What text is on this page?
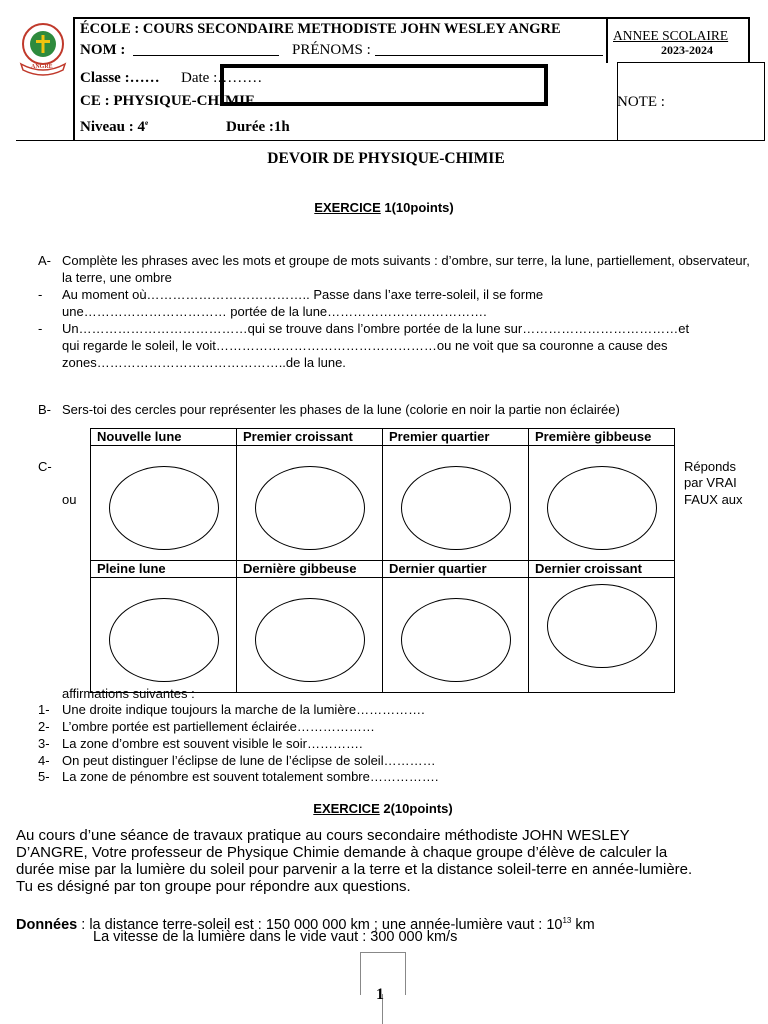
ANGRE
ÉCOLE : COURS SECONDAIRE METHODISTE JOHN WESLEY ANGRE
NOM :	PRÉNOMS :
ANNEE SCOLAIRE
2023-2024
Classe :…… Date :………
CE : PHYSIQUE-CHIMIE	NOTE :
Niveau : 4e	Durée :1h
DEVOIR DE PHYSIQUE-CHIMIE
EXERCICE 1(10points)
A- Complète les phrases avec les mots et groupe de mots suivants : d’ombre, sur terre, la lune, partiellement, observateur, la terre, une ombre
- Au moment où……………………………….. Passe dans l’axe terre-soleil, il se forme
une…………………………… portée de la lune……………………………….
- Un…………………………………qui se trouve dans l’ombre portée de la lune sur………………………………et
qui regarde le soleil, le voit……………………………………………ou ne voit que sa couronne a cause des
zones……………………………………..de la lune.
B- Sers-toi des cercles pour représenter les phases de la lune (colorie en noir la partie non éclairée)
Nouvelle lune	Premier croissant	Premier quartier	Première gibbeuse

Pleine lune	Dernière gibbeuse	Dernier quartier	Dernier croissant

C-
ou
Réponds
par VRAI
FAUX aux
affirmations suivantes :
1- Une droite indique toujours la marche de la lumière…………….
2- L’ombre portée est partiellement éclairée………………
3- La zone d’ombre est souvent visible le soir………….
4- On peut distinguer l’éclipse de lune de l’éclipse de soleil…………
5- La zone de pénombre est souvent totalement sombre…………….
EXERCICE 2(10points)
Au cours d’une séance de travaux pratique au cours secondaire méthodiste JOHN WESLEY
D’ANGRE, Votre professeur de Physique Chimie demande à chaque groupe d’élève de calculer la
durée mise par la lumière du soleil pour parvenir a la terre et la distance soleil-terre en année-lumière.
Tu es désigné par ton groupe pour répondre aux questions.
Données : la distance terre-soleil est : 150 000 000 km ; une année-lumière vaut : $10^{13}$ km
La vitesse de la lumière dans le vide vaut : 300 000 km/s
1
